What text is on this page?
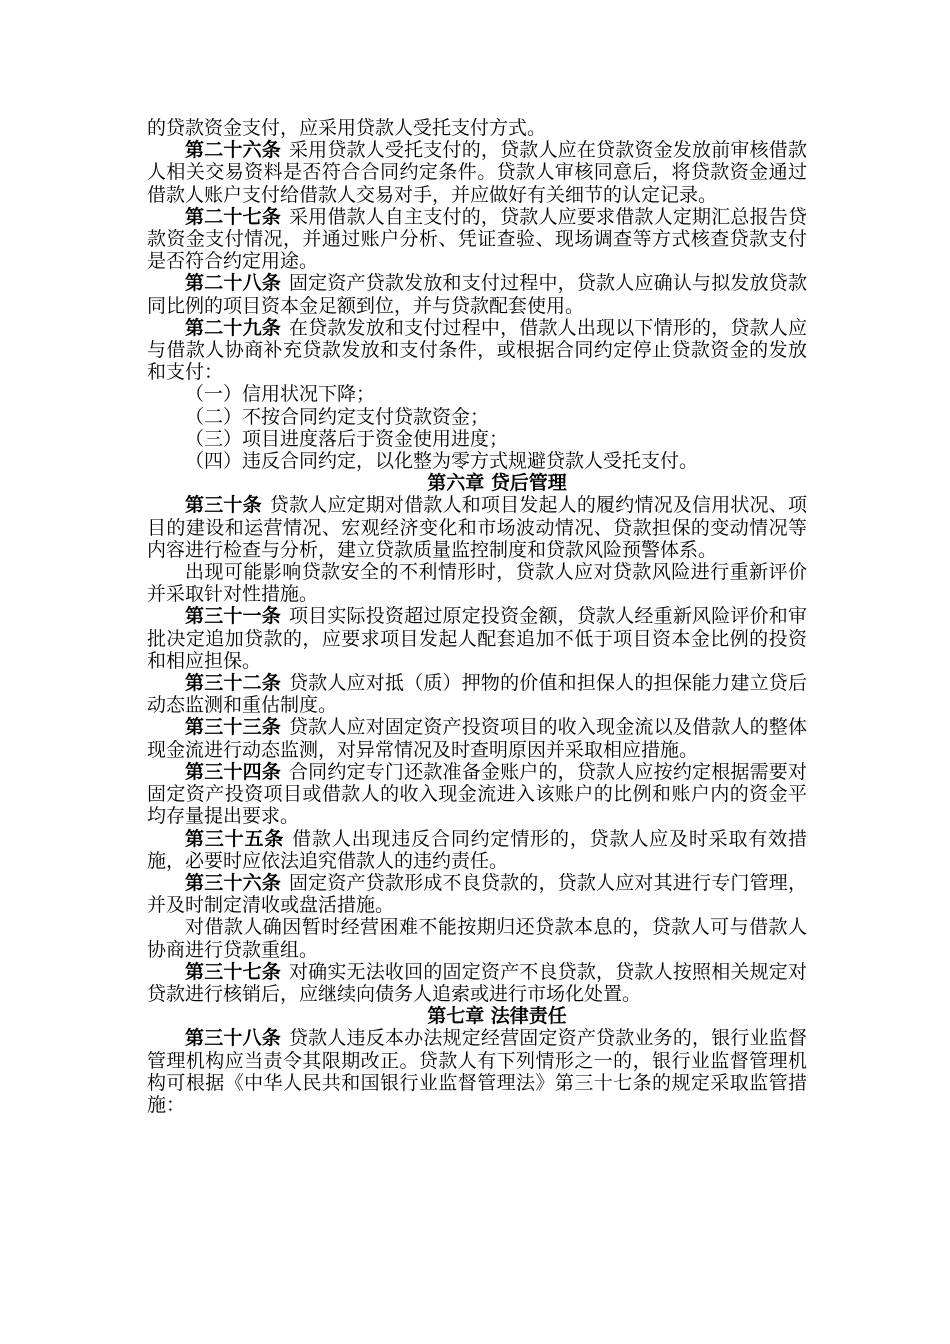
的贷款资金支付，应采用贷款人受托支付方式。

第二十六条 采用贷款人受托支付的，贷款人应在贷款资金发放前审核借款人相关交易资料是否符合合同约定条件。贷款人审核同意后，将贷款资金通过借款人账户支付给借款人交易对手，并应做好有关细节的认定记录。

第二十七条 采用借款人自主支付的，贷款人应要求借款人定期汇总报告贷款资金支付情况，并通过账户分析、凭证查验、现场调查等方式核查贷款支付是否符合约定用途。

第二十八条 固定资产贷款发放和支付过程中，贷款人应确认与拟发放贷款同比例的项目资本金足额到位，并与贷款配套使用。

第二十九条 在贷款发放和支付过程中，借款人出现以下情形的，贷款人应与借款人协商补充贷款发放和支付条件，或根据合同约定停止贷款资金的发放和支付：

（一）信用状况下降；

（二）不按合同约定支付贷款资金；

（三）项目进度落后于资金使用进度；

（四）违反合同约定，以化整为零方式规避贷款人受托支付。

第六章 贷后管理

第三十条 贷款人应定期对借款人和项目发起人的履约情况及信用状况、项目的建设和运营情况、宏观经济变化和市场波动情况、贷款担保的变动情况等内容进行检查与分析，建立贷款质量监控制度和贷款风险预警体系。

出现可能影响贷款安全的不利情形时，贷款人应对贷款风险进行重新评价并采取针对性措施。

第三十一条 项目实际投资超过原定投资金额，贷款人经重新风险评价和审批决定追加贷款的，应要求项目发起人配套追加不低于项目资本金比例的投资和相应担保。

第三十二条 贷款人应对抵（质）押物的价值和担保人的担保能力建立贷后动态监测和重估制度。

第三十三条 贷款人应对固定资产投资项目的收入现金流以及借款人的整体现金流进行动态监测，对异常情况及时查明原因并采取相应措施。

第三十四条 合同约定专门还款准备金账户的，贷款人应按约定根据需要对固定资产投资项目或借款人的收入现金流进入该账户的比例和账户内的资金平均存量提出要求。

第三十五条 借款人出现违反合同约定情形的，贷款人应及时采取有效措施，必要时应依法追究借款人的违约责任。

第三十六条 固定资产贷款形成不良贷款的，贷款人应对其进行专门管理，并及时制定清收或盘活措施。

对借款人确因暂时经营困难不能按期归还贷款本息的，贷款人可与借款人协商进行贷款重组。

第三十七条 对确实无法收回的固定资产不良贷款，贷款人按照相关规定对贷款进行核销后，应继续向债务人追索或进行市场化处置。

第七章 法律责任

第三十八条 贷款人违反本办法规定经营固定资产贷款业务的，银行业监督管理机构应当责令其限期改正。贷款人有下列情形之一的，银行业监督管理机构可根据《中华人民共和国银行业监督管理法》第三十七条的规定采取监管措施：
